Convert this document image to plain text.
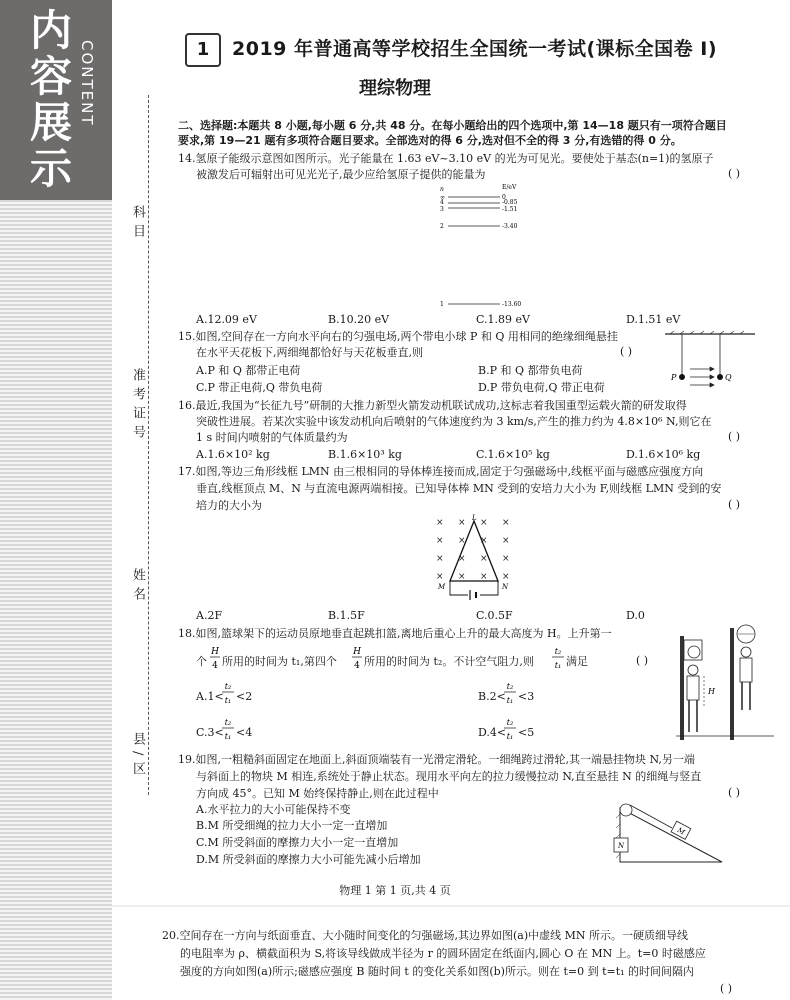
内容展示
CONTENT	1	2019 年普通高等学校招生全国统一考试(课标全国卷 Ⅰ)
理综物理
科目
准考证号
姓名
县/区
二、选择题:本题共 8 小题,每小题 6 分,共 48 分。在每小题给出的四个选项中,第 14—18 题只有一项符合题目
要求,第 19—21 题有多项符合题目要求。全部选对的得 6 分,选对但不全的得 3 分,有选错的得 0 分。
14.氢原子能级示意图如图所示。光子能量在 1.63 eV~3.10 eV 的光为可见光。要使处于基态(n=1)的氢原子
被激发后可辐射出可见光光子,最少应给氢原子提供的能量为	( )
n	E/eV
∞	0
4	-0.85
3	-1.51
2	-3.40
1	-13.60
A.12.09 eV	B.10.20 eV	C.1.89 eV	D.1.51 eV
15.如图,空间存在一方向水平向右的匀强电场,两个带电小球 P 和 Q 用相同的绝缘细绳悬挂
在水平天花板下,两细绳都恰好与天花板垂直,则	( )
A.P 和 Q 都带正电荷	B.P 和 Q 都带负电荷
C.P 带正电荷,Q 带负电荷	D.P 带负电荷,Q 带正电荷
P	Q
16.最近,我国为“长征九号”研制的大推力新型火箭发动机联试成功,这标志着我国重型运载火箭的研发取得
突破性进展。若某次实验中该发动机向后喷射的气体速度约为 3 km/s,产生的推力约为 4.8×10⁶ N,则它在
1 s 时间内喷射的气体质量约为	( )
A.1.6×10² kg	B.1.6×10³ kg	C.1.6×10⁵ kg	D.1.6×10⁶ kg
17.如图,等边三角形线框 LMN 由三根相同的导体棒连接而成,固定于匀强磁场中,线框平面与磁感应强度方向
垂直,线框顶点 M、N 与直流电源两端相接。已知导体棒 MN 受到的安培力大小为 F,则线框 LMN 受到的安
培力的大小为	( )
× × × ×
× × × ×
× × × ×
× × × ×
L
M	N
A.2F	B.1.5F	C.0.5F	D.0
18.如图,篮球架下的运动员原地垂直起跳扣篮,离地后重心上升的最大高度为 H。上升第一
个
H
4 所用的时间为 t₁,第四个
H
4 所用的时间为 t₂。不计空气阻力,则
t₂
t₁ 满足	( )
A.1<
t₂
t₁ <2	B.2<
t₂
t₁ <3
C.3<
t₂
t₁ <4	D.4<
t₂
t₁ <5
H
19.如图,一粗糙斜面固定在地面上,斜面顶端装有一光滑定滑轮。一细绳跨过滑轮,其一端悬挂物块 N,另一端
与斜面上的物块 M 相连,系统处于静止状态。现用水平向左的拉力缓慢拉动 N,直至悬挂 N 的细绳与竖直
方向成 45°。已知 M 始终保持静止,则在此过程中	( )
A.水平拉力的大小可能保持不变
B.M 所受细绳的拉力大小一定一直增加
C.M 所受斜面的摩擦力大小一定一直增加
D.M 所受斜面的摩擦力大小可能先减小后增加
N
M
物理 1 第 1 页,共 4 页
20.空间存在一方向与纸面垂直、大小随时间变化的匀强磁场,其边界如图(a)中虚线 MN 所示。一硬质细导线
的电阻率为 ρ、横截面积为 S,将该导线做成半径为 r 的圆环固定在纸面内,圆心 O 在 MN 上。t=0 时磁感应
强度的方向如图(a)所示;磁感应强度 B 随时间 t 的变化关系如图(b)所示。则在 t=0 到 t=t₁ 的时间间隔内
( )
